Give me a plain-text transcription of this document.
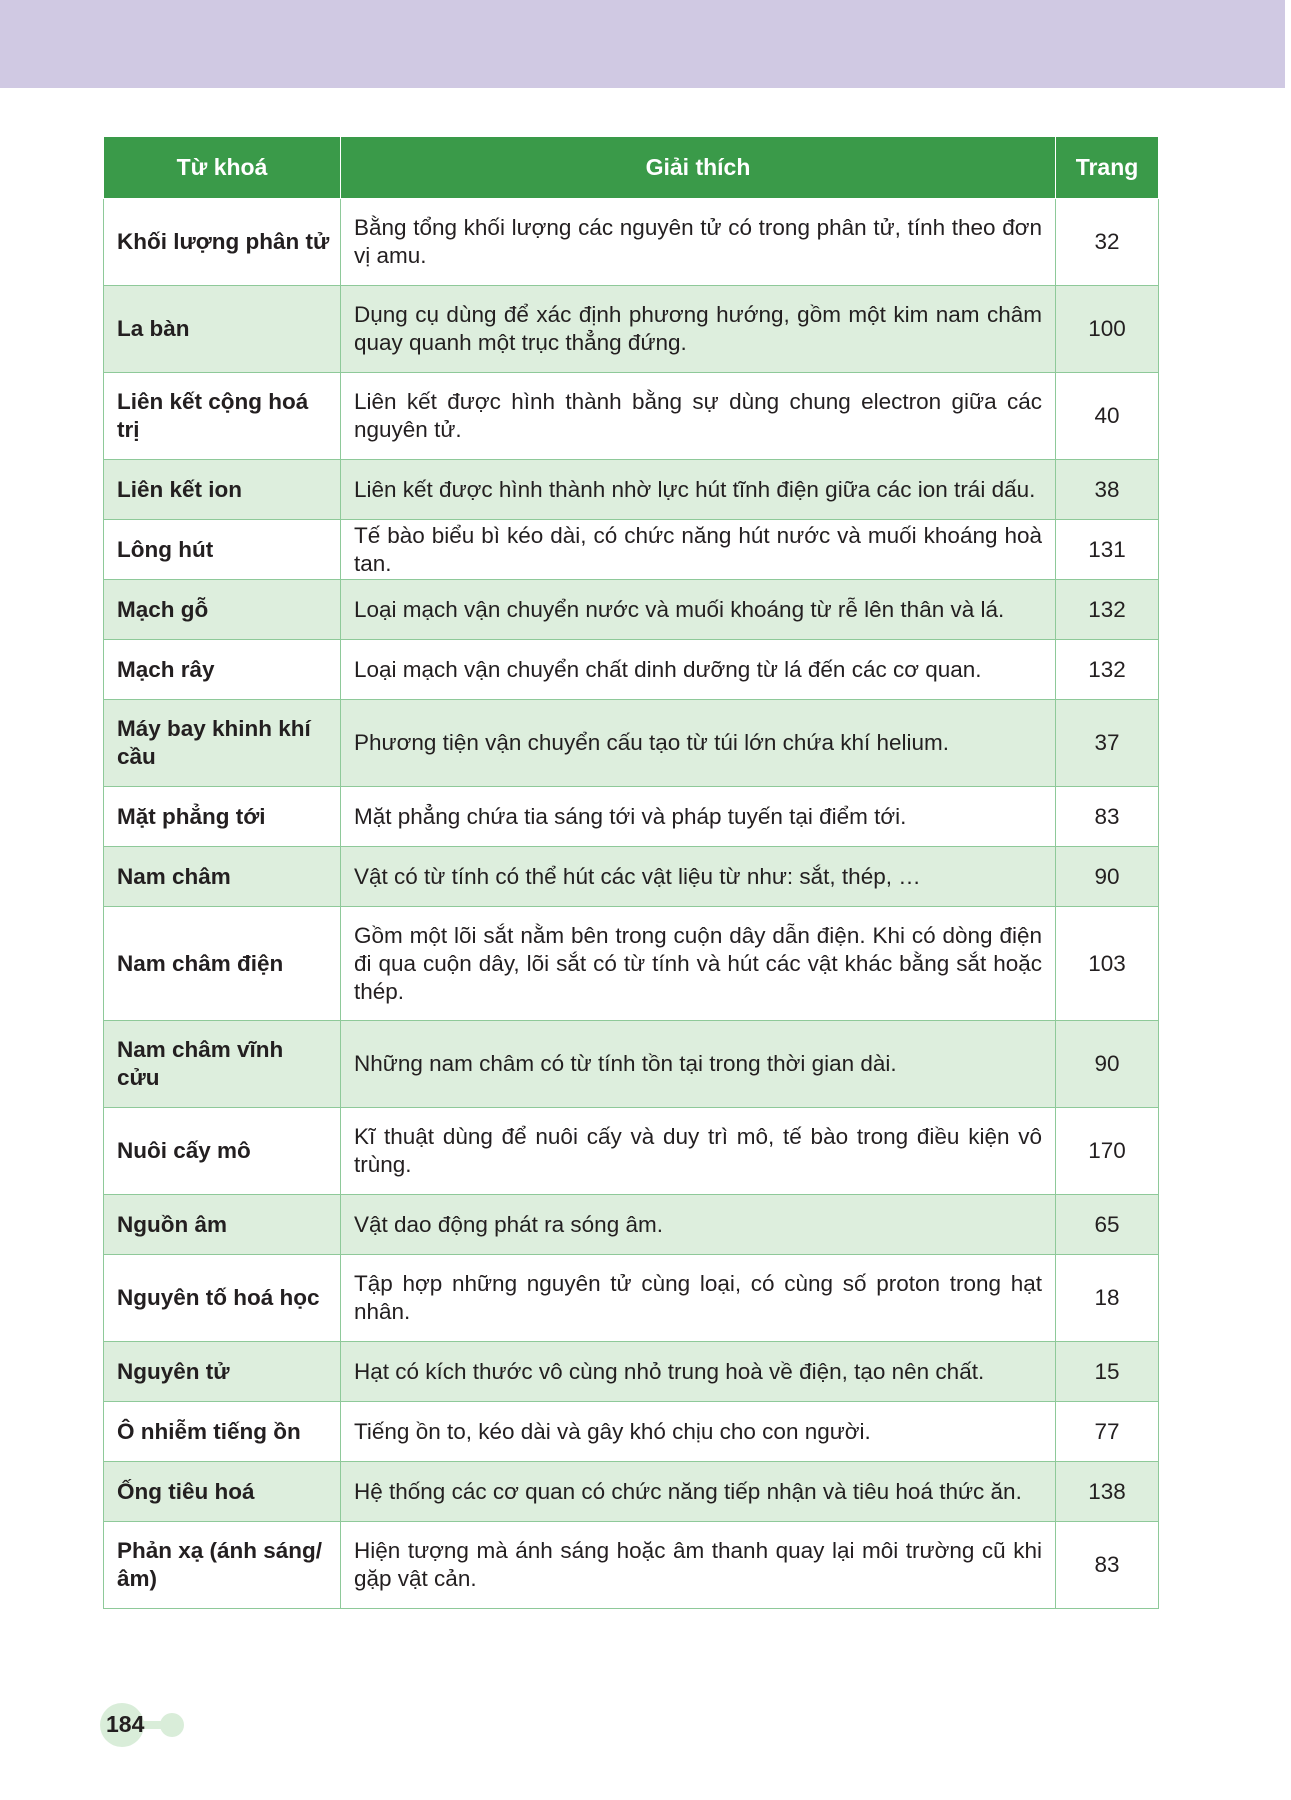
Từ khoá	Giải thích	Trang
Khối lượng phân tử	Bằng tổng khối lượng các nguyên tử có trong phân tử, tính theo đơn vị amu.	32
La bàn	Dụng cụ dùng để xác định phương hướng, gồm một kim nam châm quay quanh một trục thẳng đứng.	100
Liên kết cộng hoá trị	Liên kết được hình thành bằng sự dùng chung electron giữa các nguyên tử.	40
Liên kết ion	Liên kết được hình thành nhờ lực hút tĩnh điện giữa các ion trái dấu.	38
Lông hút	Tế bào biểu bì kéo dài, có chức năng hút nước và muối khoáng hoà tan.	131
Mạch gỗ	Loại mạch vận chuyển nước và muối khoáng từ rễ lên thân và lá.	132
Mạch rây	Loại mạch vận chuyển chất dinh dưỡng từ lá đến các cơ quan.	132
Máy bay khinh khí cầu	Phương tiện vận chuyển cấu tạo từ túi lớn chứa khí helium.	37
Mặt phẳng tới	Mặt phẳng chứa tia sáng tới và pháp tuyến tại điểm tới.	83
Nam châm	Vật có từ tính có thể hút các vật liệu từ như: sắt, thép, …	90
Nam châm điện	Gồm một lõi sắt nằm bên trong cuộn dây dẫn điện. Khi có dòng điện đi qua cuộn dây, lõi sắt có từ tính và hút các vật khác bằng sắt hoặc thép.	103
Nam châm vĩnh cửu	Những nam châm có từ tính tồn tại trong thời gian dài.	90
Nuôi cấy mô	Kĩ thuật dùng để nuôi cấy và duy trì mô, tế bào trong điều kiện vô trùng.	170
Nguồn âm	Vật dao động phát ra sóng âm.	65
Nguyên tố hoá học	Tập hợp những nguyên tử cùng loại, có cùng số proton trong hạt nhân.	18
Nguyên tử	Hạt có kích thước vô cùng nhỏ trung hoà về điện, tạo nên chất.	15
Ô nhiễm tiếng ồn	Tiếng ồn to, kéo dài và gây khó chịu cho con người.	77
Ống tiêu hoá	Hệ thống các cơ quan có chức năng tiếp nhận và tiêu hoá thức ăn.	138
Phản xạ (ánh sáng/ âm)	Hiện tượng mà ánh sáng hoặc âm thanh quay lại môi trường cũ khi gặp vật cản.	83
184
